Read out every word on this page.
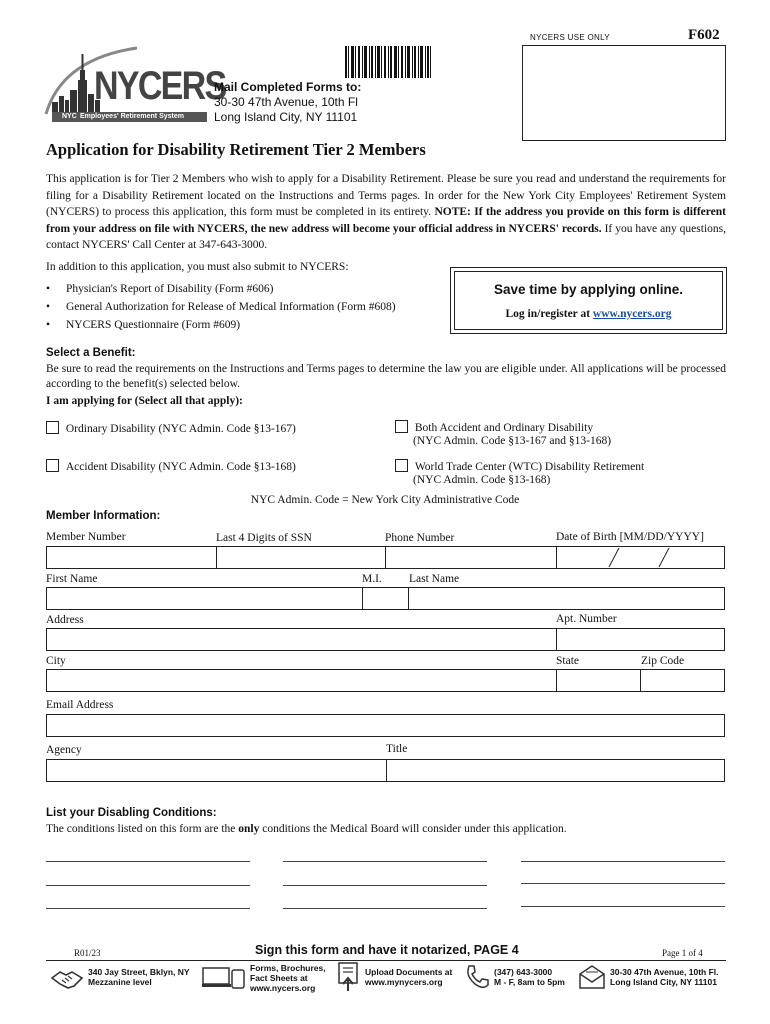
NYCERS USE ONLY	F602
NYCERS
NYC Employees' Retirement System
Mail Completed Forms to:
30-30 47th Avenue, 10th Fl
Long Island City, NY 11101
Application for Disability Retirement Tier 2 Members
This application is for Tier 2 Members who wish to apply for a Disability Retirement. Please be sure you read and understand the requirements for filing for a Disability Retirement located on the Instructions and Terms pages. In order for the New York City Employees' Retirement System (NYCERS) to process this application, this form must be completed in its entirety. NOTE: If the address you provide on this form is different from your address on file with NYCERS, the new address will become your official address in NYCERS' records. If you have any questions, contact NYCERS' Call Center at 347-643-3000.
In addition to this application, you must also submit to NYCERS:
• Physician's Report of Disability (Form #606)
• General Authorization for Release of Medical Information (Form #608)
• NYCERS Questionnaire (Form #609)
Save time by applying online.
Log in/register at www.nycers.org
Select a Benefit:
Be sure to read the requirements on the Instructions and Terms pages to determine the law you are eligible under. All applications will be processed according to the benefit(s) selected below.
I am applying for (Select all that apply):
Ordinary Disability (NYC Admin. Code §13-167)	Both Accident and Ordinary Disability
(NYC Admin. Code §13-167 and §13-168)
Accident Disability (NYC Admin. Code §13-168)	World Trade Center (WTC) Disability Retirement
(NYC Admin. Code §13-168)
NYC Admin. Code = New York City Administrative Code
Member Information:
Member Number	Last 4 Digits of SSN	Phone Number	Date of Birth [MM/DD/YYYY]
First Name	M.I. Last Name
Address	Apt. Number
City	State	Zip Code
Email Address
Agency	Title
List your Disabling Conditions:
The conditions listed on this form are the only conditions the Medical Board will consider under this application.
R01/23	Sign this form and have it notarized, PAGE 4	Page 1 of 4
340 Jay Street, Bklyn, NY
Mezzanine level
Forms, Brochures,
Fact Sheets at
www.nycers.org
Upload Documents at
www.mynycers.org
(347) 643-3000
M - F, 8am to 5pm
30-30 47th Avenue, 10th Fl.
Long Island City, NY 11101
